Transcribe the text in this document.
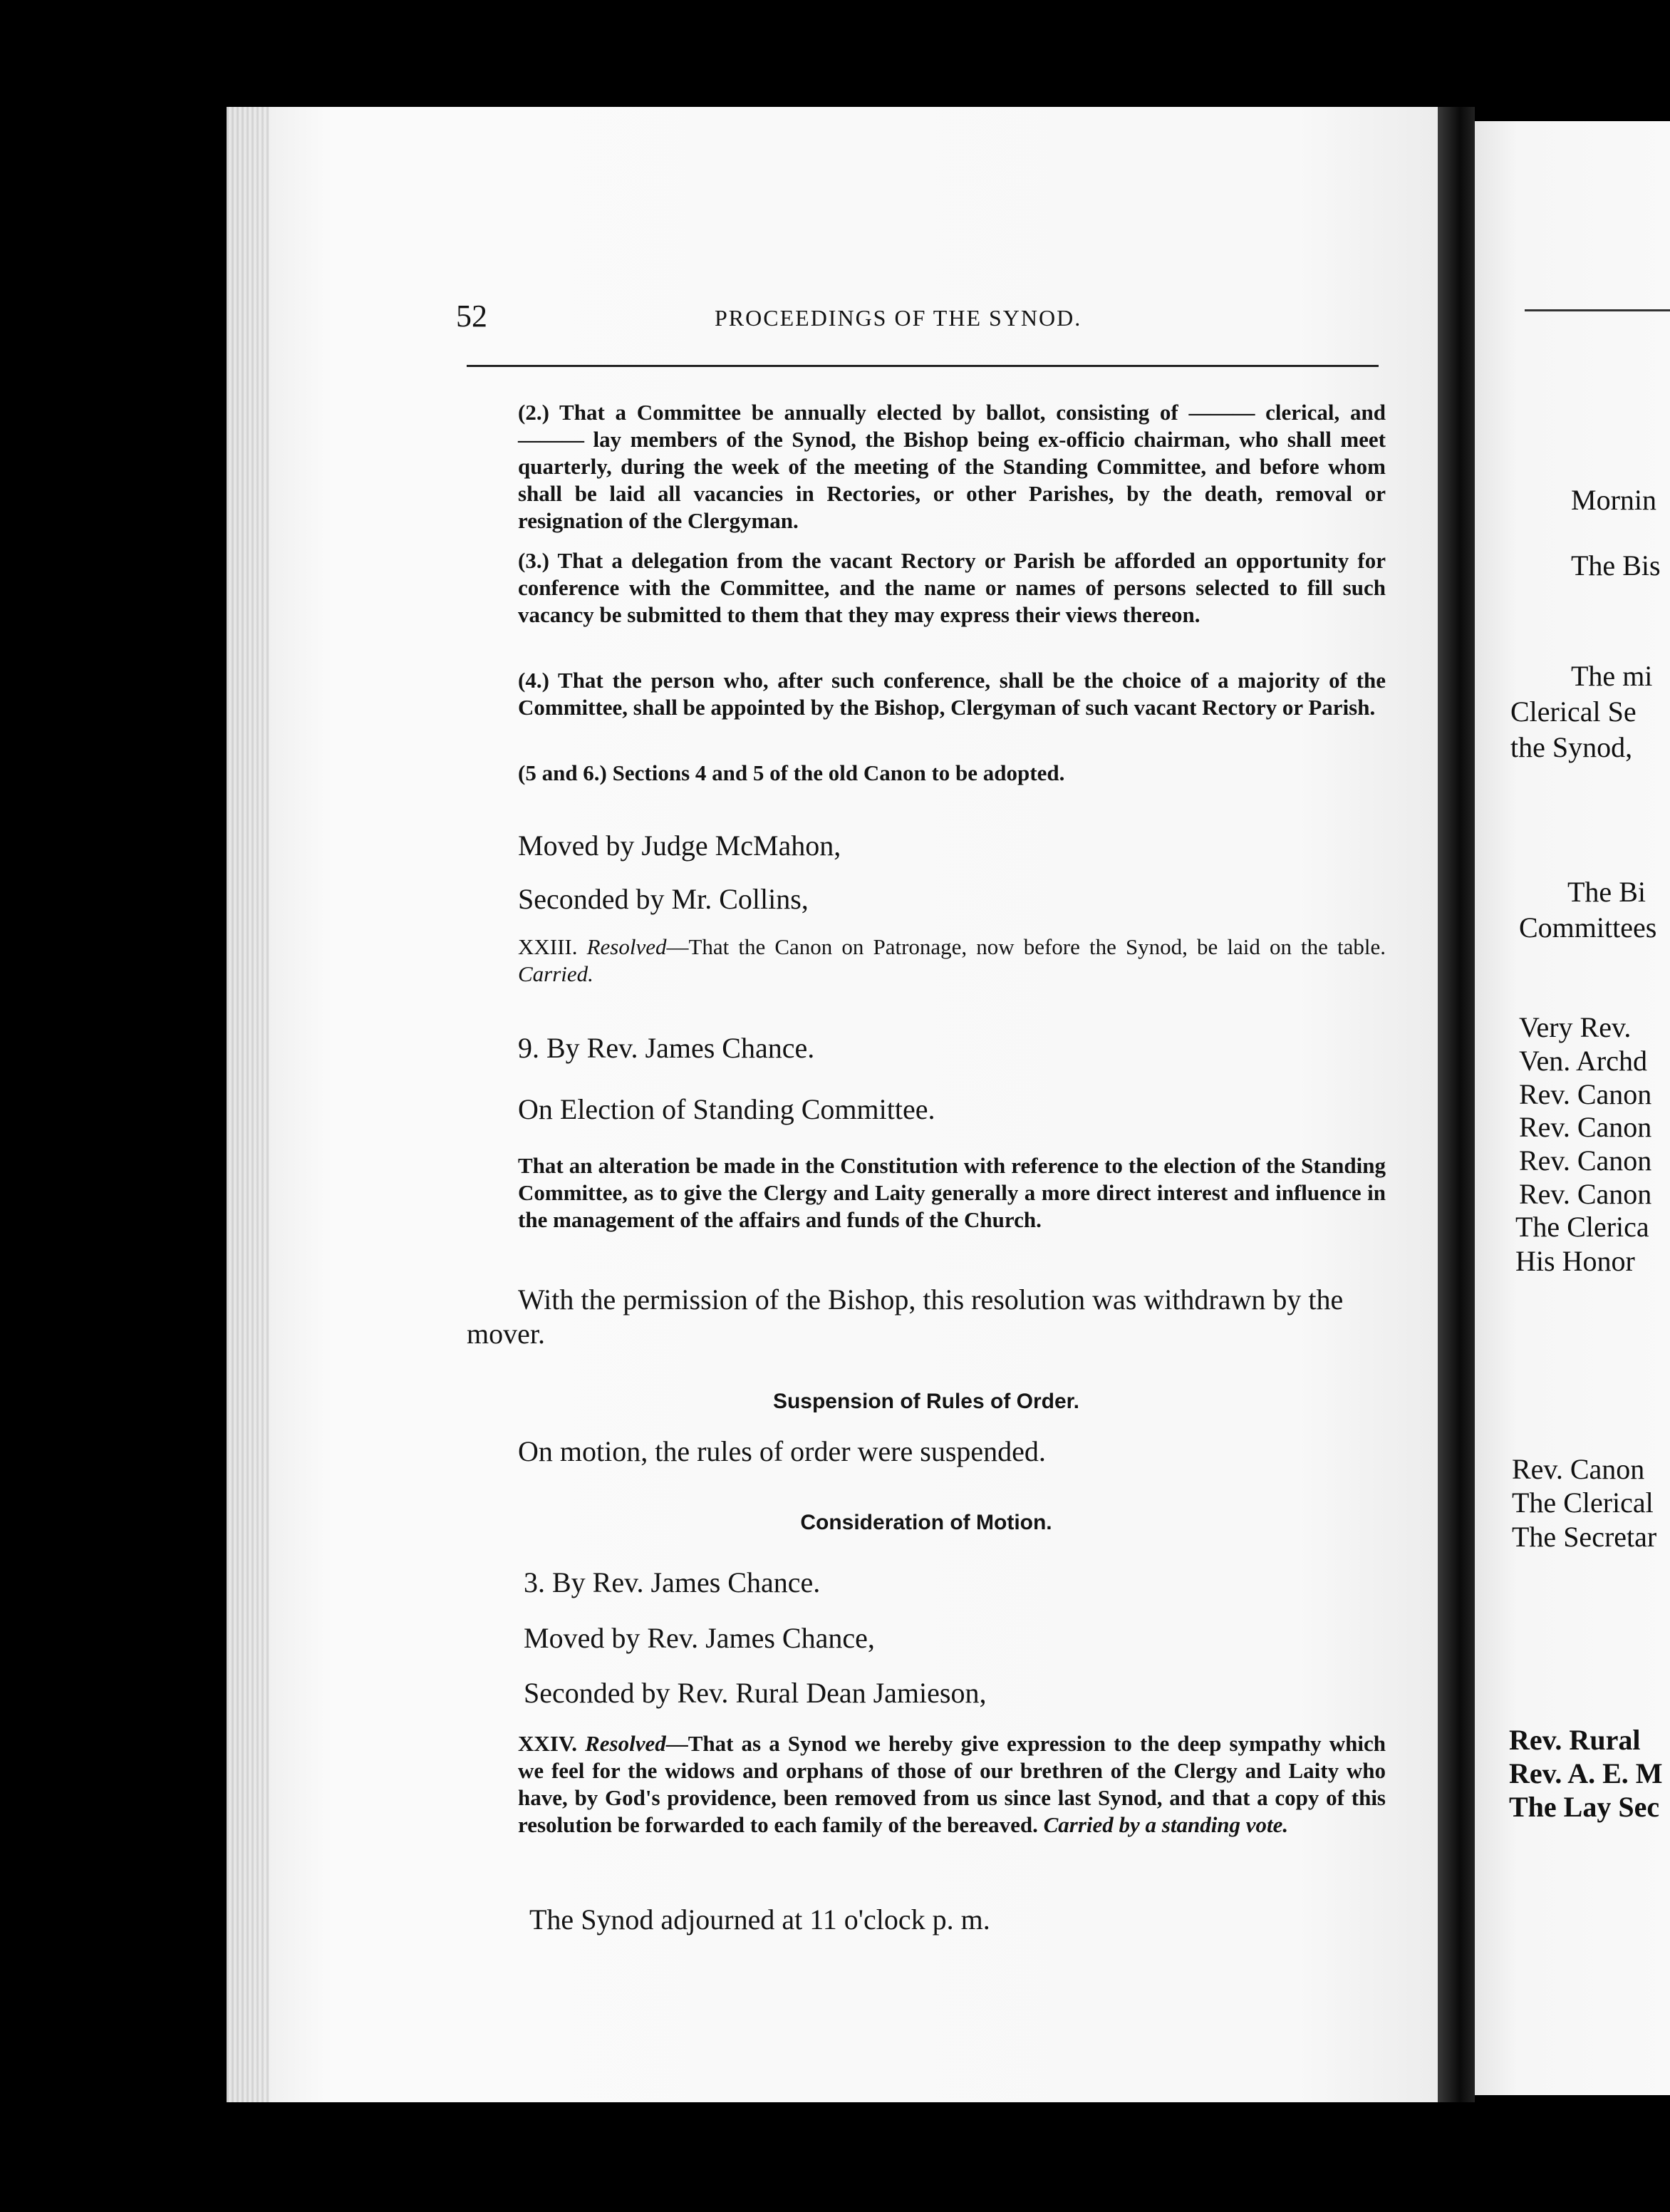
52	PROCEEDINGS OF THE SYNOD.
(2.) That a Committee be annually elected by ballot, consisting of ——— clerical, and ——— lay members of the Synod, the Bishop being ex-officio chairman, who shall meet quarterly, during the week of the meeting of the Standing Committee, and before whom shall be laid all vacancies in Rectories, or other Parishes, by the death, removal or resignation of the Clergyman.
(3.) That a delegation from the vacant Rectory or Parish be afforded an opportunity for conference with the Committee, and the name or names of persons selected to fill such vacancy be submitted to them that they may express their views thereon.
(4.) That the person who, after such conference, shall be the choice of a majority of the Committee, shall be appointed by the Bishop, Clergyman of such vacant Rectory or Parish.
(5 and 6.) Sections 4 and 5 of the old Canon to be adopted.
Moved by Judge McMahon,
Seconded by Mr. Collins,
XXIII. Resolved—That the Canon on Patronage, now before the Synod, be laid on the table. Carried.
9. By Rev. James Chance.
On Election of Standing Committee.
That an alteration be made in the Constitution with reference to the election of the Standing Committee, as to give the Clergy and Laity generally a more direct interest and influence in the management of the affairs and funds of the Church.
With the permission of the Bishop, this resolution was withdrawn by the mover.
Suspension of Rules of Order.
On motion, the rules of order were suspended.
Consideration of Motion.
3. By Rev. James Chance.
Moved by Rev. James Chance,
Seconded by Rev. Rural Dean Jamieson,
XXIV. Resolved—That as a Synod we hereby give expression to the deep sympathy which we feel for the widows and orphans of those of our brethren of the Clergy and Laity who have, by God's providence, been removed from us since last Synod, and that a copy of this resolution be forwarded to each family of the bereaved. Carried by a standing vote.
The Synod adjourned at 11 o'clock p. m.
Mornin
The Bis
The mi
Clerical Se
the Synod,
The Bi
Committees
Very Rev.
Ven. Archd
Rev. Canon
Rev. Canon
Rev. Canon
Rev. Canon
The Clerica
His Honor
Rev. Canon
The Clerical
The Secretar
Rev. Rural
Rev. A. E. M
The Lay Sec
